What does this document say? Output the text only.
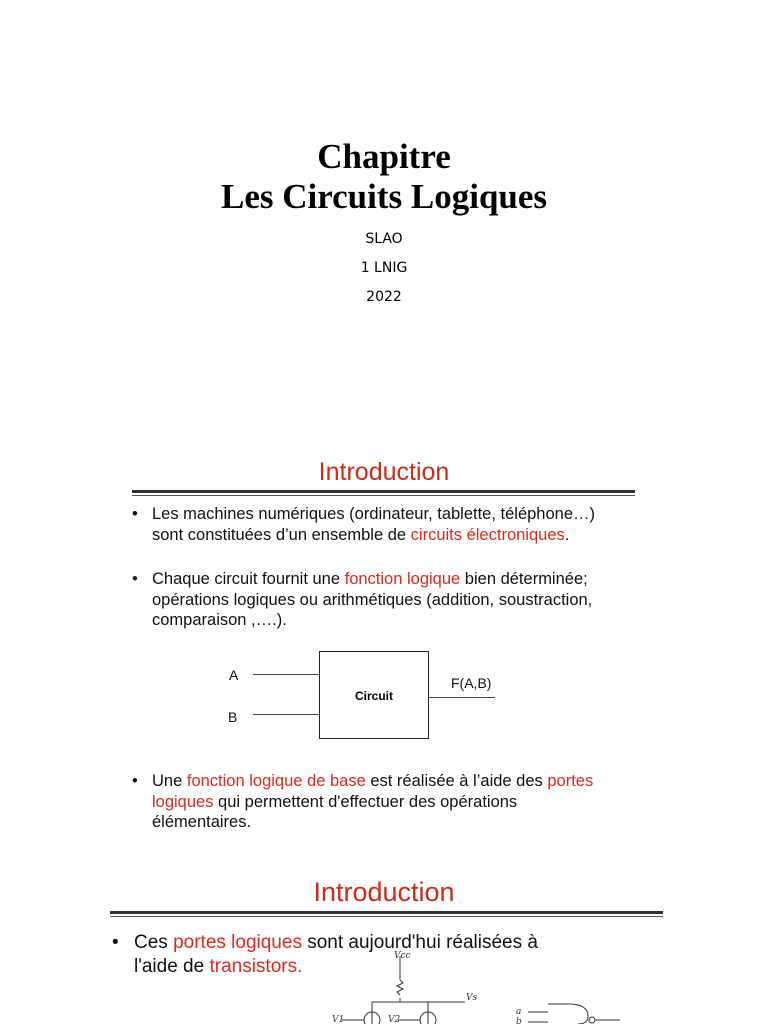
Chapitre
Les Circuits Logiques
SLAO
1 LNIG
2022
Introduction
• Les machines numériques (ordinateur, tablette, téléphone…)
sont constituées d’un ensemble de circuits électroniques.
• Chaque circuit fournit une fonction logique bien déterminée;
opérations logiques ou arithmétiques (addition, soustraction,
comparaison ,….).
A
B
Circuit
F(A,B)
• Une fonction logique de base est réalisée à l’aide des portes
logiques qui permettent d'effectuer des opérations
élémentaires.
Introduction
• Ces portes logiques sont aujourd'hui réalisées à
l'aide de transistors.	Vcc
Vs
V1	V2
a
b
